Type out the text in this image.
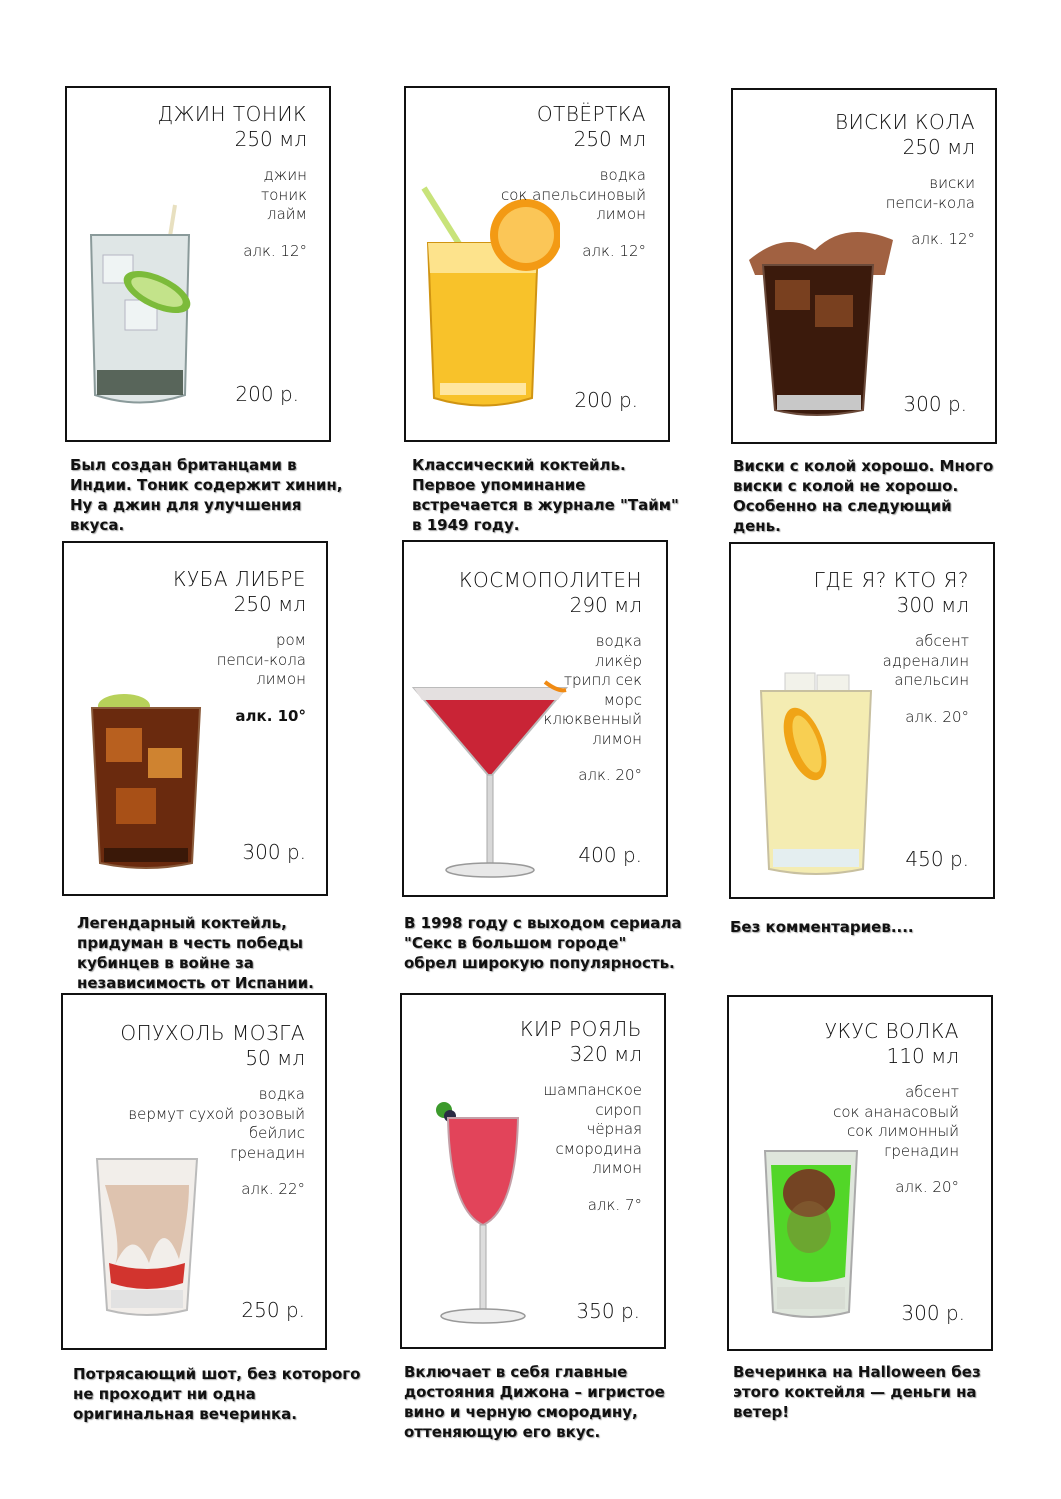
ДЖИН ТОНИК
250 мл
джин
тоник
лайм
алк. 12°
200 р.
Был создан британцами в Индии. Тоник содержит хинин, Ну а джин для улучшения вкуса.
ОТВЁРТКА
250 мл
водка
сок апельсиновый
лимон
алк. 12°
200 р.
Классический коктейль. Первое упоминание встречается в журнале "Тайм" в 1949 году.
ВИСКИ КОЛА
250 мл
виски
пепси-кола
алк. 12°
300 р.
Виски с колой хорошо. Много виски с колой не хорошо. Особенно на следующий день.
КУБА ЛИБРЕ
250 мл
ром
пепси-кола
лимон
алк. 10°
300 р.
Легендарный коктейль, придуман в честь победы кубинцев в войне за независимость от Испании.
КОСМОПОЛИТЕН
290 мл
водка
ликёр
трипл сек
морс
клюквенный
лимон
алк. 20°
400 р.
В 1998 году с выходом сериала "Секс в большом городе" обрел широкую популярность.
ГДЕ Я? КТО Я?
300 мл
абсент
адреналин
апельсин
алк. 20°
450 р.
Без комментариев....
ОПУХОЛЬ МОЗГА
50 мл
водка
вермут сухой розовый
бейлис
гренадин
алк. 22°
250 р.
Потрясающий шот, без которого не проходит ни одна оригинальная вечеринка.
КИР РОЯЛЬ
320 мл
шампанское
сироп
чёрная
смородина
лимон
алк. 7°
350 р.
Включает в себя главные достояния Дижона – игристое вино и черную смородину, оттеняющую его вкус.
УКУС ВОЛКА
110 мл
абсент
сок ананасовый
сок лимонный
гренадин
алк. 20°
300 р.
Вечеринка на Halloween без этого коктейля — деньги на ветер!
